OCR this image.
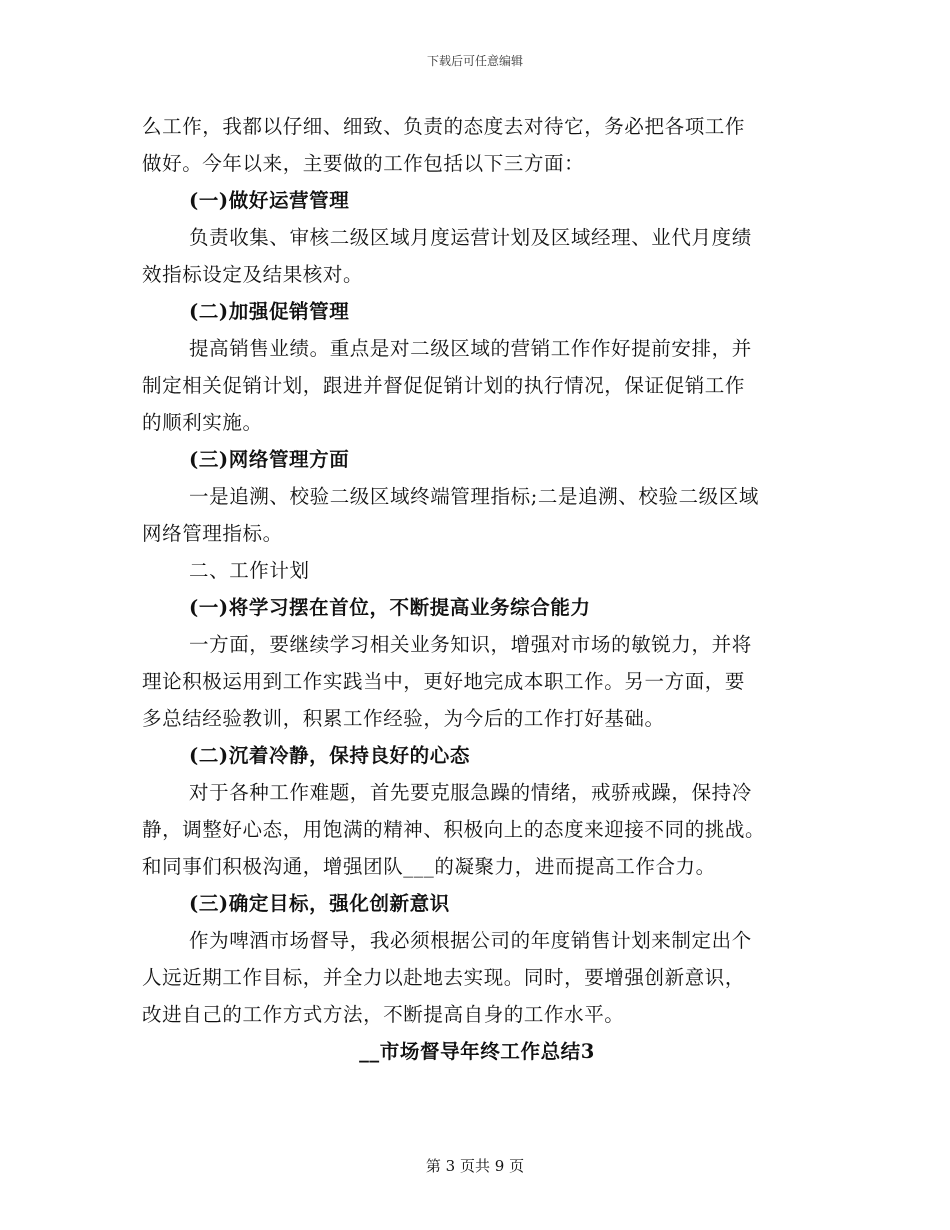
下载后可任意编辑
么工作，我都以仔细、细致、负责的态度去对待它，务必把各项工作
做好。今年以来，主要做的工作包括以下三方面：
(一)做好运营管理
负责收集、审核二级区域月度运营计划及区域经理、业代月度绩
效指标设定及结果核对。
(二)加强促销管理
提高销售业绩。重点是对二级区域的营销工作作好提前安排，并
制定相关促销计划，跟进并督促促销计划的执行情况，保证促销工作
的顺利实施。
(三)网络管理方面
一是追溯、校验二级区域终端管理指标;二是追溯、校验二级区域
网络管理指标。
二、工作计划
(一)将学习摆在首位，不断提高业务综合能力
一方面，要继续学习相关业务知识，增强对市场的敏锐力，并将
理论积极运用到工作实践当中，更好地完成本职工作。另一方面，要
多总结经验教训，积累工作经验，为今后的工作打好基础。
(二)沉着冷静，保持良好的心态
对于各种工作难题，首先要克服急躁的情绪，戒骄戒躁，保持冷
静，调整好心态，用饱满的精神、积极向上的态度来迎接不同的挑战。
和同事们积极沟通，增强团队___的凝聚力，进而提高工作合力。
(三)确定目标，强化创新意识
作为啤酒市场督导，我必须根据公司的年度销售计划来制定出个
人远近期工作目标，并全力以赴地去实现。同时，要增强创新意识，
改进自己的工作方式方法，不断提高自身的工作水平。
__市场督导年终工作总结3
第 3 页共 9 页
